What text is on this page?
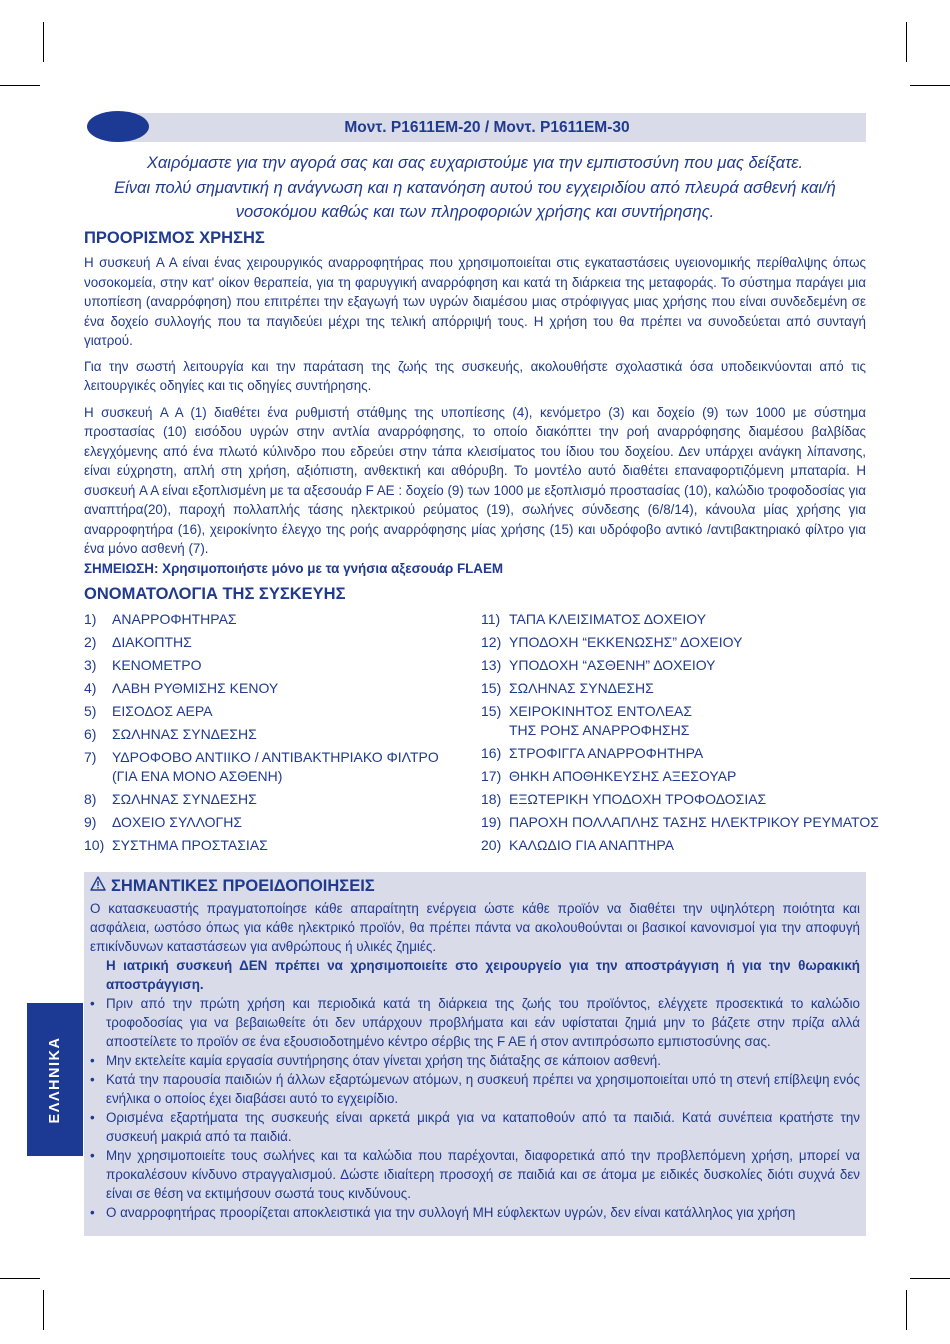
Μοντ. P1611EM-20 / Μοντ. P1611EM-30

Χαιρόμαστε για την αγορά σας και σας ευχαριστούμε για την εμπιστοσύνη που μας δείξατε.

Είναι πολύ σημαντική η ανάγνωση και η κατανόηση αυτού του εγχειριδίου από πλευρά ασθενή και/ή νοσοκόμου καθώς και των πληροφοριών χρήσης και συντήρησης.

ΠΡΟΟΡΙΣΜΟΣ ΧΡΗΣΗΣ

Η συσκευή A A είναι ένας χειρουργικός αναρροφητήρας που χρησιμοποιείται στις εγκαταστάσεις υγειονομικής περίθαλψης όπως νοσοκομεία, στην κατ' οίκον θεραπεία, για τη φαρυγγική αναρρόφηση και κατά τη διάρκεια της μεταφοράς. Το σύστημα παράγει μια υποπίεση (αναρρόφηση) που επιτρέπει την εξαγωγή των υγρών διαμέσου μιας στρόφιγγας μιας χρήσης που είναι συνδεδεμένη σε ένα δοχείο συλλογής που τα παγιδεύει μέχρι της τελική απόρριψή τους. Η χρήση του θα πρέπει να συνοδεύεται από συνταγή γιατρού.

Για την σωστή λειτουργία και την παράταση της ζωής της συσκευής, ακολουθήστε σχολαστικά όσα υποδεικνύονται από τις λειτουργικές οδηγίες και τις οδηγίες συντήρησης.

Η συσκευή A A (1) διαθέτει ένα ρυθμιστή στάθμης της υποπίεσης (4), κενόμετρο (3) και δοχείο (9) των 1000 με σύστημα προστασίας (10) εισόδου υγρών στην αντλία αναρρόφησης, το οποίο διακόπτει την ροή αναρρόφησης διαμέσου βαλβίδας ελεγχόμενης από ένα πλωτό κύλινδρο που εδρεύει στην τάπα κλεισίματος του ίδιου του δοχείου. Δεν υπάρχει ανάγκη λίπανσης, είναι εύχρηστη, απλή στη χρήση, αξιόπιστη, ανθεκτική και αθόρυβη. Το μοντέλο αυτό διαθέτει επαναφορτιζόμενη μπαταρία. Η συσκευή A A είναι εξοπλισμένη με τα αξεσουάρ F AE : δοχείο (9) των 1000 με εξοπλισμό προστασίας (10), καλώδιο τροφοδοσίας για αναπτήρα(20), παροχή πολλαπλής τάσης ηλεκτρικού ρεύματος (19), σωλήνες σύνδεσης (6/8/14), κάνουλα μίας χρήσης για αναρροφητήρα (16), χειροκίνητο έλεγχο της ροής αναρρόφησης μίας χρήσης (15) και υδρόφοβο αντικό /αντιβακτηριακό φίλτρο για ένα μόνο ασθενή (7).

ΣΗΜΕΙΩΣΗ: Χρησιμοποιήστε μόνο με τα γνήσια αξεσουάρ FLAEM

ΟΝΟΜΑΤΟΛΟΓΙΑ ΤΗΣ ΣΥΣΚΕΥΗΣ
1)	ΑΝΑΡΡΟΦΗΤΗΡΑΣ
2)	ΔΙΑΚΟΠΤΗΣ
3)	ΚΕΝΟΜΕΤΡΟ
4)	ΛΑΒΗ ΡΥΘΜΙΣΗΣ ΚΕΝΟΥ
5)	ΕΙΣΟΔΟΣ ΑΕΡΑ
6)	ΣΩΛΗΝΑΣ ΣΥΝΔΕΣΗΣ
7)	ΥΔΡΟΦΟΒΟ ΑΝΤΙΙΚΟ / ΑΝΤΙΒΑΚΤΗΡΙΑΚΟ ΦΙΛΤΡΟ
(ΓΙΑ ΕΝΑ ΜΟΝΟ ΑΣΘΕΝΗ)
8)	ΣΩΛΗΝΑΣ ΣΥΝΔΕΣΗΣ
9)	ΔΟΧΕΙΟ ΣΥΛΛΟΓΗΣ
10) ΣΥΣΤΗΜΑ ΠΡΟΣΤΑΣΙΑΣ
11) ΤΑΠΑ ΚΛΕΙΣΙΜΑΤΟΣ ΔΟΧΕΙΟΥ
12) ΥΠΟΔΟΧΗ “ΕΚΚΕΝΩΣΗΣ” ΔΟΧΕΙΟΥ
13) ΥΠΟΔΟΧΗ “ΑΣΘΕΝΗ” ΔΟΧΕΙΟΥ
15) ΣΩΛΗΝΑΣ ΣΥΝΔΕΣΗΣ
15) ΧΕΙΡΟΚΙΝΗΤΟΣ ΕΝΤΟΛΕΑΣ
ΤΗΣ ΡΟΗΣ ΑΝΑΡΡΟΦΗΣΗΣ
16) ΣΤΡΟΦΙΓΓΑ ΑΝΑΡΡΟΦΗΤΗΡΑ
17) ΘΗΚΗ ΑΠΟΘΗΚΕΥΣΗΣ ΑΞΕΣΟΥΑΡ
18) ΕΞΩΤΕΡΙΚΗ ΥΠΟΔΟΧΗ ΤΡΟΦΟΔΟΣΙΑΣ
19) ΠΑΡΟΧΗ ΠΟΛΛΑΠΛΗΣ ΤΑΣΗΣ ΗΛΕΚΤΡΙΚΟΥ ΡΕΥΜΑΤΟΣ
20) ΚΑΛΩΔΙΟ ΓΙΑ ΑΝΑΠΤΗΡΑ
ΣΗΜΑΝΤΙΚΕΣ ΠΡΟΕΙΔΟΠΟΙΗΣΕΙΣ

Ο κατασκευαστής πραγματοποίησε κάθε απαραίτητη ενέργεια ώστε κάθε προϊόν να διαθέτει την υψηλότερη ποιότητα και ασφάλεια, ωστόσο όπως για κάθε ηλεκτρικό προϊόν, θα πρέπει πάντα να ακολουθούνται οι βασικοί κανονισμοί για την αποφυγή επικίνδυνων καταστάσεων για ανθρώπους ή υλικές ζημιές.

Η ιατρική συσκευή ΔΕΝ πρέπει να χρησιμοποιείτε στο χειρουργείο για την αποστράγγιση ή για την θωρακική αποστράγγιση.

• Πριν από την πρώτη χρήση και περιοδικά κατά τη διάρκεια της ζωής του προϊόντος, ελέγχετε προσεκτικά το καλώδιο τροφοδοσίας για να βεβαιωθείτε ότι δεν υπάρχουν προβλήματα και εάν υφίσταται ζημιά μην το βάζετε στην πρίζα αλλά αποστείλετε το προϊόν σε ένα εξουσιοδοτημένο κέντρο σέρβις της F AE ή στον αντιπρόσωπο εμπιστοσύνης σας.
• Μην εκτελείτε καμία εργασία συντήρησης όταν γίνεται χρήση της διάταξης σε κάποιον ασθενή.
• Κατά την παρουσία παιδιών ή άλλων εξαρτώμενων ατόμων, η συσκευή πρέπει να χρησιμοποιείται υπό τη στενή επίβλεψη ενός ενήλικα ο οποίος έχει διαβάσει αυτό το εγχειρίδιο.
• Ορισμένα εξαρτήματα της συσκευής είναι αρκετά μικρά για να καταποθούν από τα παιδιά. Κατά συνέπεια κρατήστε την συσκευή μακριά από τα παιδιά.
• Μην χρησιμοποιείτε τους σωλήνες και τα καλώδια που παρέχονται, διαφορετικά από την προβλεπόμενη χρήση, μπορεί να προκαλέσουν κίνδυνο στραγγαλισμού. Δώστε ιδιαίτερη προσοχή σε παιδιά και σε άτομα με ειδικές δυσκολίες διότι συχνά δεν είναι σε θέση να εκτιμήσουν σωστά τους κινδύνους.
• Ο αναρροφητήρας προορίζεται αποκλειστικά για την συλλογή ΜΗ εύφλεκτων υγρών, δεν είναι κατάλληλος για χρήση
ΕΛΛΗΝΙΚΑ
